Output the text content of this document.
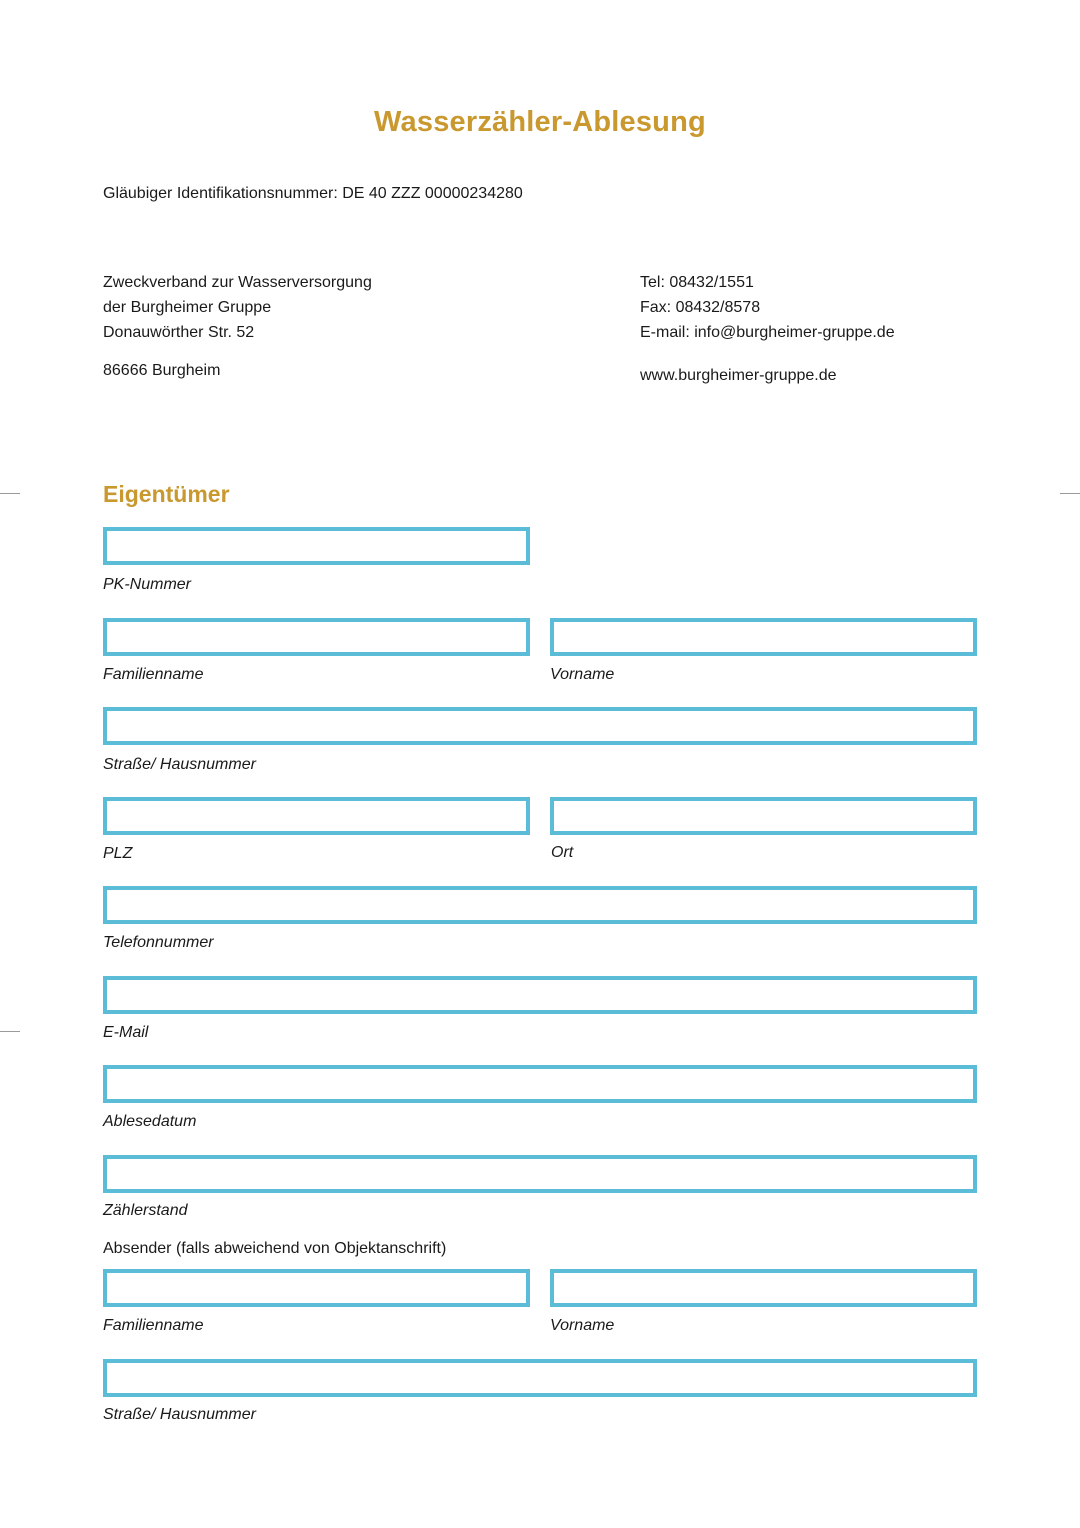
Wasserzähler-Ablesung
Gläubiger Identifikationsnummer: DE 40 ZZZ 00000234280
Zweckverband zur Wasserversorgung
der Burgheimer Gruppe
Donauwörther Str. 52
86666 Burgheim
Tel: 08432/1551
Fax: 08432/8578
E-mail: info@burgheimer-gruppe.de
www.burgheimer-gruppe.de
Eigentümer
PK-Nummer
Familienname	Vorname
Straße/ Hausnummer
PLZ	Ort
Telefonnummer
E-Mail
Ablesedatum
Zählerstand
Absender (falls abweichend von Objektanschrift)
Familienname	Vorname
Straße/ Hausnummer
